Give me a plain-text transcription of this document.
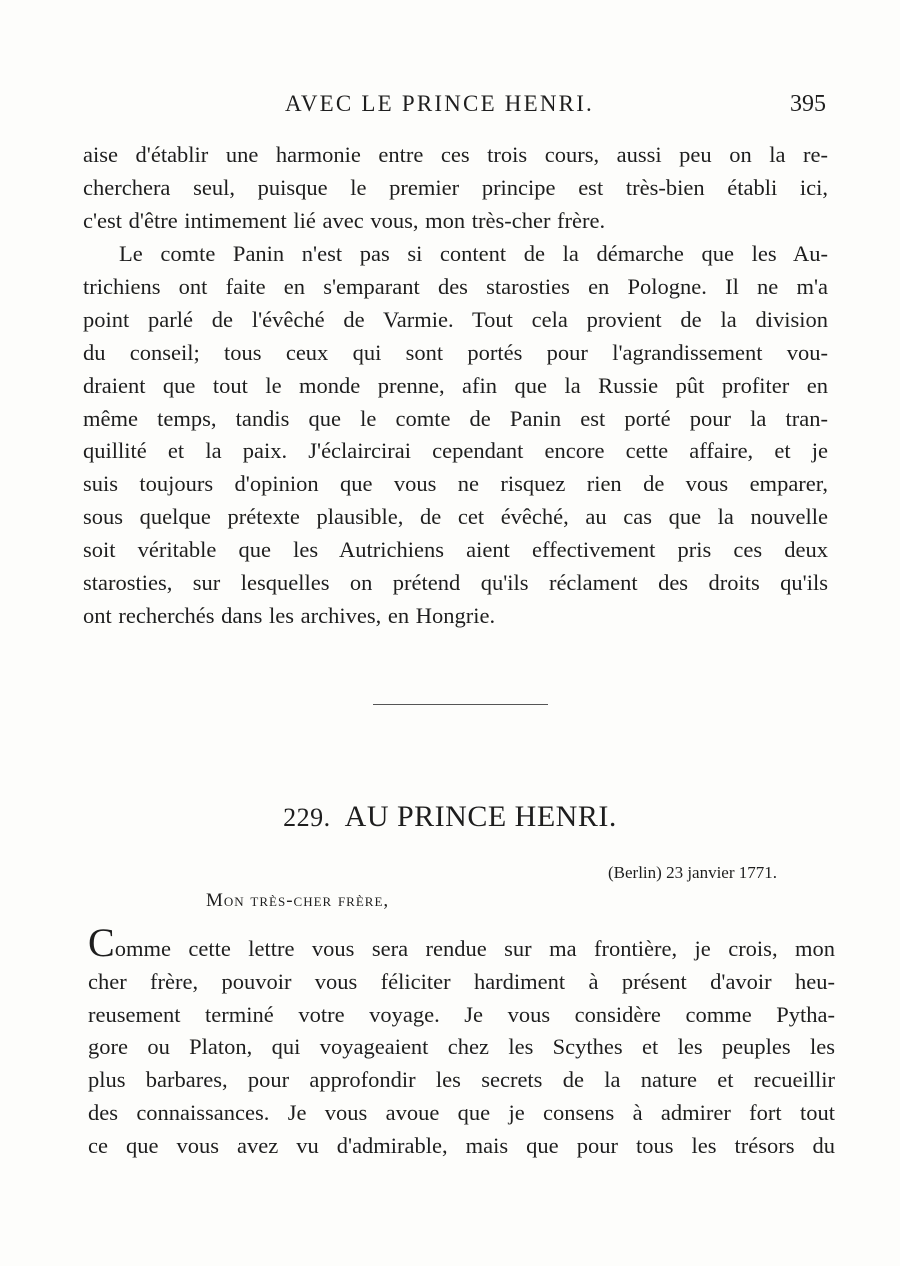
AVEC LE PRINCE HENRI.	395
aise d'établir une harmonie entre ces trois cours, aussi peu on la re-
cherchera seul, puisque le premier principe est très-bien établi ici,
c'est d'être intimement lié avec vous, mon très-cher frère.
Le comte Panin n'est pas si content de la démarche que les Au-
trichiens ont faite en s'emparant des starosties en Pologne. Il ne m'a
point parlé de l'évêché de Varmie. Tout cela provient de la division
du conseil; tous ceux qui sont portés pour l'agrandissement vou-
draient que tout le monde prenne, afin que la Russie pût profiter en
même temps, tandis que le comte de Panin est porté pour la tran-
quillité et la paix. J'éclaircirai cependant encore cette affaire, et je
suis toujours d'opinion que vous ne risquez rien de vous emparer,
sous quelque prétexte plausible, de cet évêché, au cas que la nouvelle
soit véritable que les Autrichiens aient effectivement pris ces deux
starosties, sur lesquelles on prétend qu'ils réclament des droits qu'ils
ont recherchés dans les archives, en Hongrie.
229. AU PRINCE HENRI.
(Berlin) 23 janvier 1771.
Mon très-cher frère,
Comme cette lettre vous sera rendue sur ma frontière, je crois, mon
cher frère, pouvoir vous féliciter hardiment à présent d'avoir heu-
reusement terminé votre voyage. Je vous considère comme Pytha-
gore ou Platon, qui voyageaient chez les Scythes et les peuples les
plus barbares, pour approfondir les secrets de la nature et recueillir
des connaissances. Je vous avoue que je consens à admirer fort tout
ce que vous avez vu d'admirable, mais que pour tous les trésors du
